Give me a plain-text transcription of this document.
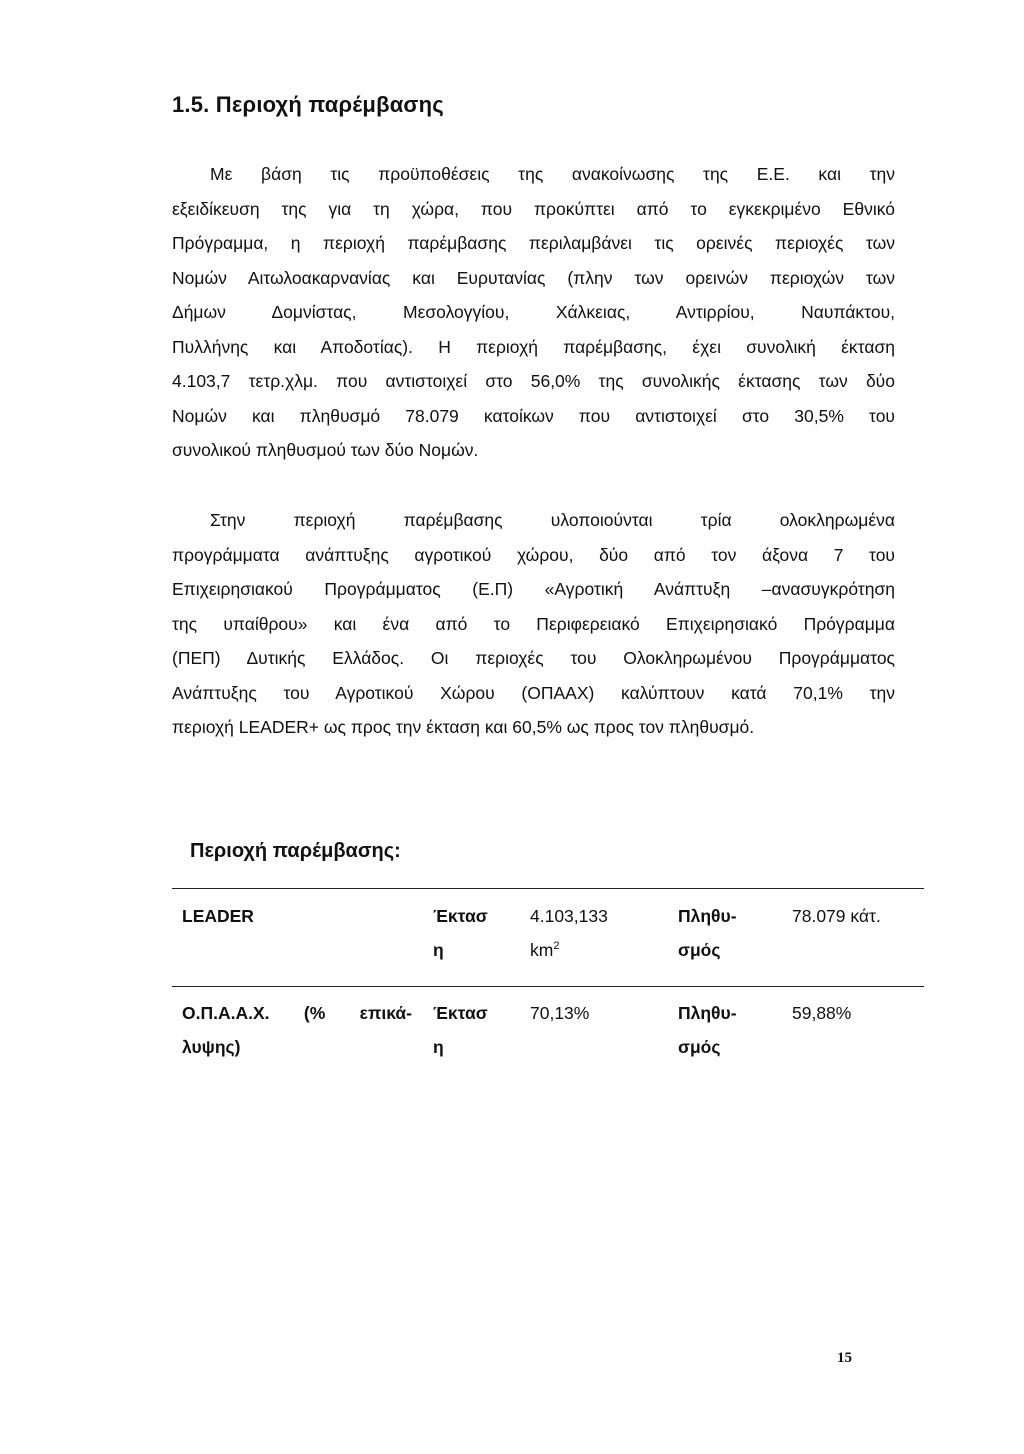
1.5. Περιοχή παρέμβασης
Με βάση τις προϋποθέσεις της ανακοίνωσης της Ε.Ε. και την
εξειδίκευση της για τη χώρα, που προκύπτει από το εγκεκριμένο Εθνικό
Πρόγραμμα, η περιοχή παρέμβασης περιλαμβάνει τις ορεινές περιοχές των
Νομών Αιτωλοακαρνανίας και Ευρυτανίας (πλην των ορεινών περιοχών των
Δήμων Δομνίστας, Μεσολογγίου, Χάλκειας, Αντιρρίου, Ναυπάκτου,
Πυλλήνης και Αποδοτίας). Η περιοχή παρέμβασης, έχει συνολική έκταση
4.103,7 τετρ.χλμ. που αντιστοιχεί στο 56,0% της συνολικής έκτασης των δύο
Νομών και πληθυσμό 78.079 κατοίκων που αντιστοιχεί στο 30,5% του
συνολικού πληθυσμού των δύο Νομών.
Στην περιοχή παρέμβασης υλοποιούνται τρία ολοκληρωμένα
προγράμματα ανάπτυξης αγροτικού χώρου, δύο από τον άξονα 7 του
Επιχειρησιακού Προγράμματος (Ε.Π) «Αγροτική Ανάπτυξη –ανασυγκρότηση
της υπαίθρου» και ένα από το Περιφερειακό Επιχειρησιακό Πρόγραμμα
(ΠΕΠ) Δυτικής Ελλάδος. Οι περιοχές του Ολοκληρωμένου Προγράμματος
Ανάπτυξης του Αγροτικού Χώρου (ΟΠΑΑΧ) καλύπτουν κατά 70,1% την
περιοχή LEADER+ ως προς την έκταση και 60,5% ως προς τον πληθυσμό.
Περιοχή παρέμβασης:
LEADER	Έκτασ
η
4.103,133
$km^2$
Πληθυ-
σμός
78.079 κάτ.
Ο.Π.Α.Α.Χ. (% επικά-
λυψης)
Έκτασ
η
70,13%	Πληθυ-
σμός
59,88%
15
